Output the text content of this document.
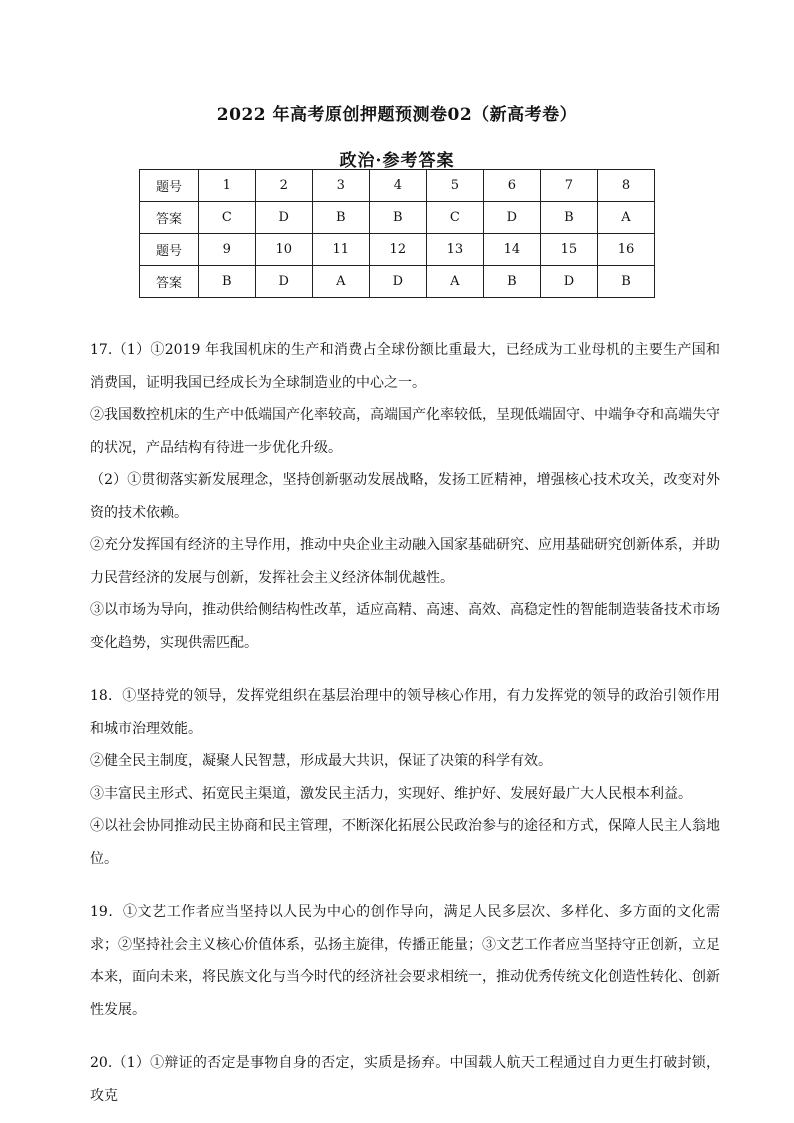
2022 年高考原创押题预测卷02（新高考卷）
政治·参考答案
题号	1	2	3	4	5	6	7	8
答案	C	D	B	B	C	D	B	A
题号	9	10	11	12	13	14	15	16
答案	B	D	A	D	A	B	D	B

17.（1）①2019 年我国机床的生产和消费占全球份额比重最大，已经成为工业母机的主要生产国和消费国，证明我国已经成长为全球制造业的中心之一。

②我国数控机床的生产中低端国产化率较高，高端国产化率较低，呈现低端固守、中端争夺和高端失守的状况，产品结构有待进一步优化升级。

（2）①贯彻落实新发展理念，坚持创新驱动发展战略，发扬工匠精神，增强核心技术攻关，改变对外资的技术依赖。

②充分发挥国有经济的主导作用，推动中央企业主动融入国家基础研究、应用基础研究创新体系，并助力民营经济的发展与创新，发挥社会主义经济体制优越性。

③以市场为导向，推动供给侧结构性改革，适应高精、高速、高效、高稳定性的智能制造装备技术市场变化趋势，实现供需匹配。

18．①坚持党的领导，发挥党组织在基层治理中的领导核心作用，有力发挥党的领导的政治引领作用和城市治理效能。

②健全民主制度，凝聚人民智慧，形成最大共识，保证了决策的科学有效。

③丰富民主形式、拓宽民主渠道，激发民主活力，实现好、维护好、发展好最广大人民根本利益。

④以社会协同推动民主协商和民主管理，不断深化拓展公民政治参与的途径和方式，保障人民主人翁地位。

19．①文艺工作者应当坚持以人民为中心的创作导向，满足人民多层次、多样化、多方面的文化需求；②坚持社会主义核心价值体系，弘扬主旋律，传播正能量；③文艺工作者应当坚持守正创新，立足本来，面向未来，将民族文化与当今时代的经济社会要求相统一，推动优秀传统文化创造性转化、创新性发展。

20.（1）①辩证的否定是事物自身的否定，实质是扬弃。中国载人航天工程通过自力更生打破封锁，攻克
